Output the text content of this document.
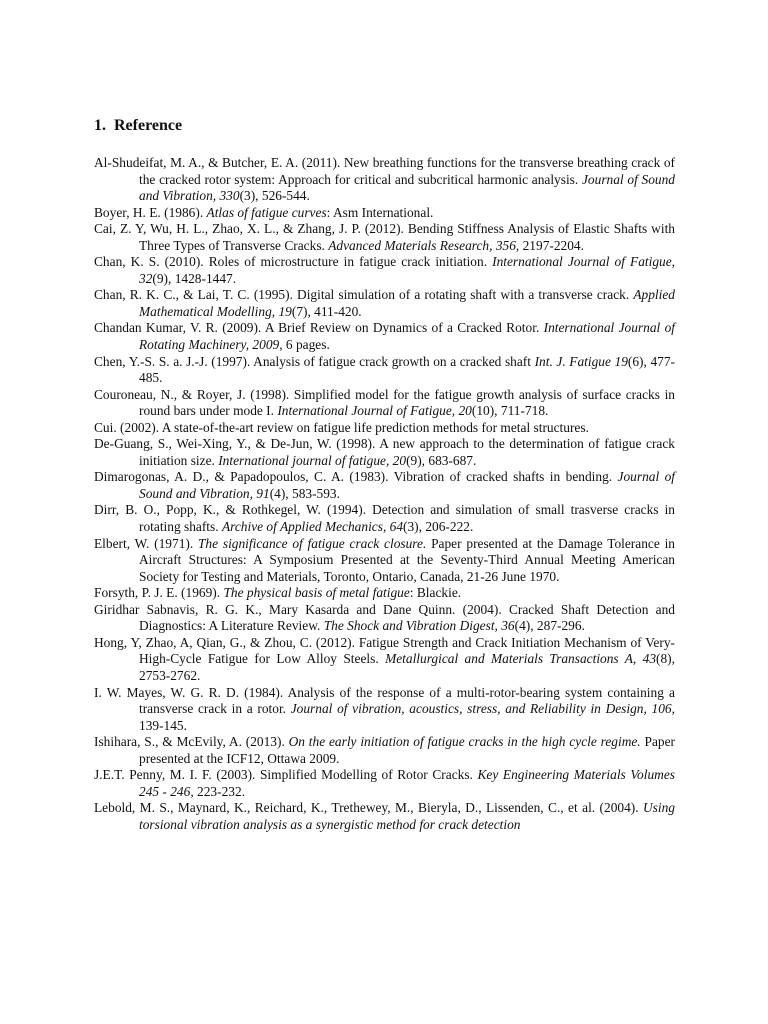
1. Reference
Al-Shudeifat, M. A., & Butcher, E. A. (2011). New breathing functions for the transverse breathing crack of the cracked rotor system: Approach for critical and subcritical harmonic analysis. Journal of Sound and Vibration, 330(3), 526-544.
Boyer, H. E. (1986). Atlas of fatigue curves: Asm International.
Cai, Z. Y, Wu, H. L., Zhao, X. L., & Zhang, J. P. (2012). Bending Stiffness Analysis of Elastic Shafts with Three Types of Transverse Cracks. Advanced Materials Research, 356, 2197-2204.
Chan, K. S. (2010). Roles of microstructure in fatigue crack initiation. International Journal of Fatigue, 32(9), 1428-1447.
Chan, R. K. C., & Lai, T. C. (1995). Digital simulation of a rotating shaft with a transverse crack. Applied Mathematical Modelling, 19(7), 411-420.
Chandan Kumar, V. R. (2009). A Brief Review on Dynamics of a Cracked Rotor. International Journal of Rotating Machinery, 2009, 6 pages.
Chen, Y.-S. S. a. J.-J. (1997). Analysis of fatigue crack growth on a cracked shaft Int. J. Fatigue 19(6), 477-485.
Couroneau, N., & Royer, J. (1998). Simplified model for the fatigue growth analysis of surface cracks in round bars under mode I. International Journal of Fatigue, 20(10), 711-718.
Cui. (2002). A state-of-the-art review on fatigue life prediction methods for metal structures.
De-Guang, S., Wei-Xing, Y., & De-Jun, W. (1998). A new approach to the determination of fatigue crack initiation size. International journal of fatigue, 20(9), 683-687.
Dimarogonas, A. D., & Papadopoulos, C. A. (1983). Vibration of cracked shafts in bending. Journal of Sound and Vibration, 91(4), 583-593.
Dirr, B. O., Popp, K., & Rothkegel, W. (1994). Detection and simulation of small trasverse cracks in rotating shafts. Archive of Applied Mechanics, 64(3), 206-222.
Elbert, W. (1971). The significance of fatigue crack closure. Paper presented at the Damage Tolerance in Aircraft Structures: A Symposium Presented at the Seventy-Third Annual Meeting American Society for Testing and Materials, Toronto, Ontario, Canada, 21-26 June 1970.
Forsyth, P. J. E. (1969). The physical basis of metal fatigue: Blackie.
Giridhar Sabnavis, R. G. K., Mary Kasarda and Dane Quinn. (2004). Cracked Shaft Detection and Diagnostics: A Literature Review. The Shock and Vibration Digest, 36(4), 287-296.
Hong, Y, Zhao, A, Qian, G., & Zhou, C. (2012). Fatigue Strength and Crack Initiation Mechanism of Very-High-Cycle Fatigue for Low Alloy Steels. Metallurgical and Materials Transactions A, 43(8), 2753-2762.
I. W. Mayes, W. G. R. D. (1984). Analysis of the response of a multi-rotor-bearing system containing a transverse crack in a rotor. Journal of vibration, acoustics, stress, and Reliability in Design, 106, 139-145.
Ishihara, S., & McEvily, A. (2013). On the early initiation of fatigue cracks in the high cycle regime. Paper presented at the ICF12, Ottawa 2009.
J.E.T. Penny, M. I. F. (2003). Simplified Modelling of Rotor Cracks. Key Engineering Materials Volumes 245 - 246, 223-232.
Lebold, M. S., Maynard, K., Reichard, K., Trethewey, M., Bieryla, D., Lissenden, C., et al. (2004). Using torsional vibration analysis as a synergistic method for crack detection
